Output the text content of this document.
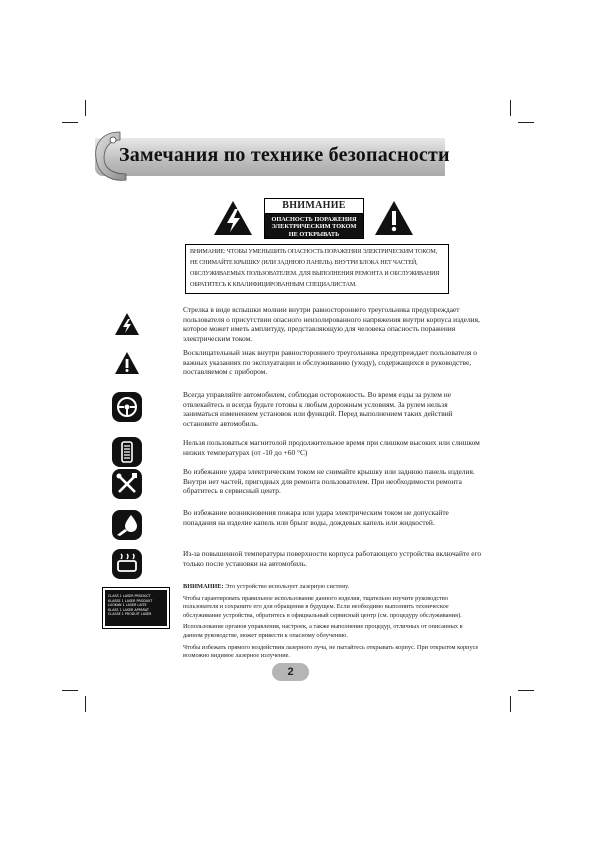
Замечания по технике безопасности
ВНИМАНИЕ
ОПАСНОСТЬ ПОРАЖЕНИЯ
ЭЛЕКТРИЧЕСКИМ ТОКОМ
НЕ ОТКРЫВАТЬ
ВНИМАНИЕ: ЧТОБЫ УМЕНЬШИТЬ ОПАСНОСТЬ ПОРАЖЕНИЯ ЭЛЕКТРИЧЕСКИМ ТОКОМ, НЕ СНИМАЙТЕ КРЫШКУ (ИЛИ ЗАДНЮЮ ПАНЕЛЬ). ВНУТРИ БЛОКА НЕТ ЧАСТЕЙ, ОБСЛУЖИВАЕМЫХ ПОЛЬЗОВАТЕЛЕМ. ДЛЯ ВЫПОЛНЕНИЯ РЕМОНТА И ОБСЛУЖИВАНИЯ ОБРАТИТЕСЬ К КВАЛИФИЦИРОВАННЫМ СПЕЦИАЛИСТАМ.
Стрелка в виде вспышки молнии внутри равностороннего треугольника предупреждает пользователя о присутствии опасного неизолированного напряжения внутри корпуса изделия, которое может иметь амплитуду, представляющую для человека опасность поражения электрическим током.
Восклицательный знак внутри равностороннего треугольника предупреждает пользователя о важных указаниях по эксплуатации и обслуживанию (уходу), содержащихся в руководстве, поставляемом с прибором.
Всегда управляйте автомобилем, соблюдая осторожность. Во время езды за рулем не отвлекайтесь и всегда будьте готовы к любым дорожным условиям. За рулем нельзя заниматься изменением установок или функций. Перед выполнением таких действий остановите автомобиль.
Нельзя пользоваться магнитолой продолжительное время при слишком высоких или слишком низких температурах (от -10 до +60 °C)
Во избежание удара электрическим током не снимайте крышку или заднюю панель изделия. Внутри нет частей, пригодных для ремонта пользователем. При необходимости ремонта обратитесь в сервисный центр.
Во избежание возникновения пожара или удара электрическим током не допускайте попадания на изделие капель или брызг воды, дождевых капель или жидкостей.
Из-за повышенной температуры поверхности корпуса работающего устройства включайте его только после установки на автомобиль.
CLASS 1 LASER PRODUCT
KLASSE 1 LASER PRODUKT
LUOKAN 1 LASER LAITE
KLASS 1 LASER APPARAT
CLASSE 1 PRODUIT LASER

ВНИМАНИЕ: Это устройство использует лазерную систему.

Чтобы гарантировать правильное использование данного изделия, тщательно изучите руководство пользователя и сохраните его для обращения в будущем. Если необходимо выполнить техническое обслуживание устройства, обратитесь в официальный сервисный центр (см. процедуру обслуживания).

Использование органов управления, настроек, а также выполнение процедур, отличных от описанных в данном руководстве, может привести к опасному облучению.

Чтобы избежать прямого воздействия лазерного луча, не пытайтесь открывать корпус. При открытом корпусе возможно видимое лазерное излучение.

2
